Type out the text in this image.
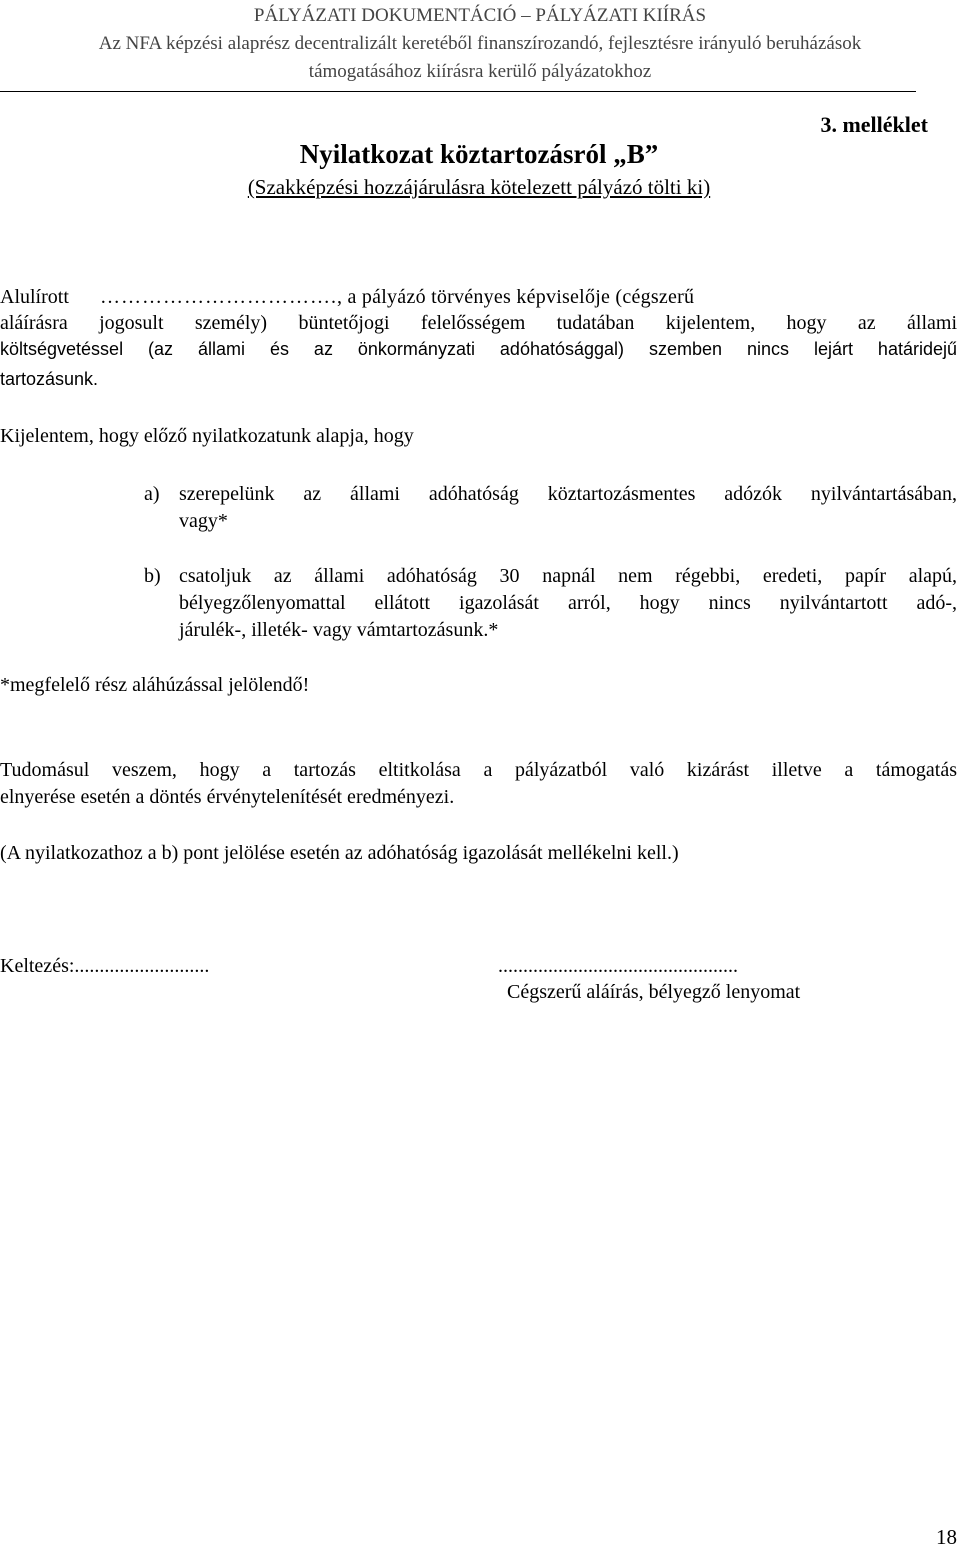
PÁLYÁZATI DOKUMENTÁCIÓ – PÁLYÁZATI KIÍRÁS
Az NFA képzési alaprész decentralizált keretéből finanszírozandó, fejlesztésre irányuló beruházások
támogatásához kiírásra kerülő pályázatokhoz
3. melléklet
Nyilatkozat köztartozásról „B”
(Szakképzési hozzájárulásra kötelezett pályázó tölti ki)
Alulírott ……………………………., a pályázó törvényes képviselője (cégszerű
aláírásra jogosult személy) büntetőjogi felelősségem tudatában kijelentem, hogy az állami
költségvetéssel (az állami és az önkormányzati adóhatósággal) szemben nincs lejárt határidejű
tartozásunk.
Kijelentem, hogy előző nyilatkozatunk alapja, hogy
a) szerepelünk az állami adóhatóság köztartozásmentes adózók nyilvántartásában,
vagy*
b) csatoljuk az állami adóhatóság 30 napnál nem régebbi, eredeti, papír alapú,
bélyegzőlenyomattal ellátott igazolását arról, hogy nincs nyilvántartott adó-,
járulék-, illeték- vagy vámtartozásunk.*
*megfelelő rész aláhúzással jelölendő!
Tudomásul veszem, hogy a tartozás eltitkolása a pályázatból való kizárást illetve a támogatás
elnyerése esetén a döntés érvénytelenítését eredményezi.
(A nyilatkozathoz a b) pont jelölése esetén az adóhatóság igazolását mellékelni kell.)
Keltezés:...........................	................................................
Cégszerű aláírás, bélyegző lenyomat
18
